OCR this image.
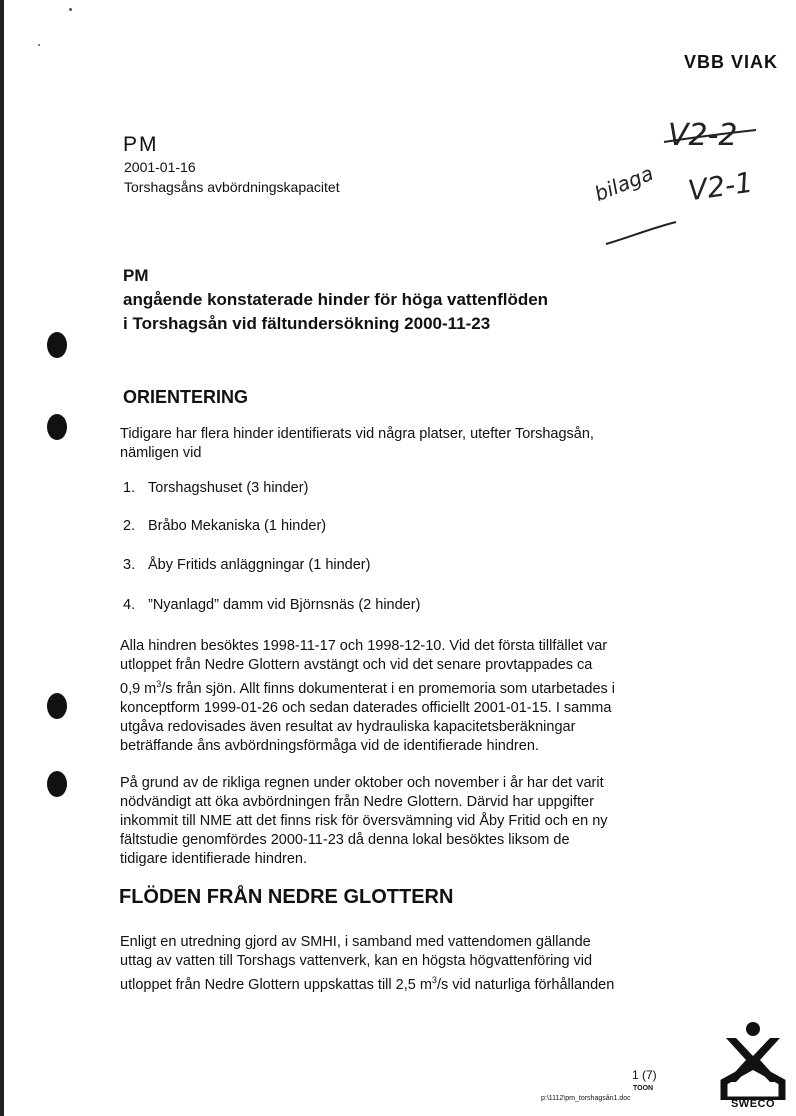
VBB VIAK
V2-2
bilaga V2-1
PM
2001-01-16
Torshagsåns avbördningskapacitet
PM
angående konstaterade hinder för höga vattenflöden
i Torshagsån vid fältundersökning 2000-11-23
ORIENTERING
Tidigare har flera hinder identifierats vid några platser, utefter Torshagsån,
nämligen vid
1. Torshagshuset (3 hinder)
2. Bråbo Mekaniska (1 hinder)
3. Åby Fritids anläggningar (1 hinder)
4. ”Nyanlagd” damm vid Björnsnäs (2 hinder)
Alla hindren besöktes 1998-11-17 och 1998-12-10. Vid det första tillfället var
utloppet från Nedre Glottern avstängt och vid det senare provtappades ca
0,9 $m^3/s$ från sjön. Allt finns dokumenterat i en promemoria som utarbetades i
konceptform 1999-01-26 och sedan daterades officiellt 2001-01-15. I samma
utgåva redovisades även resultat av hydrauliska kapacitetsberäkningar
beträffande åns avbördningsförmåga vid de identifierade hindren.
På grund av de rikliga regnen under oktober och november i år har det varit
nödvändigt att öka avbördningen från Nedre Glottern. Därvid har uppgifter
inkommit till NME att det finns risk för översvämning vid Åby Fritid och en ny
fältstudie genomfördes 2000-11-23 då denna lokal besöktes liksom de
tidigare identifierade hindren.
FLÖDEN FRÅN NEDRE GLOTTERN
Enligt en utredning gjord av SMHI, i samband med vattendomen gällande
uttag av vatten till Torshags vattenverk, kan en högsta högvattenföring vid
utloppet från Nedre Glottern uppskattas till 2,5 $m^3/s$ vid naturliga förhållanden
1 (7)
TOON
p:\1112\pm_torshagsån1.doc	SWECO
